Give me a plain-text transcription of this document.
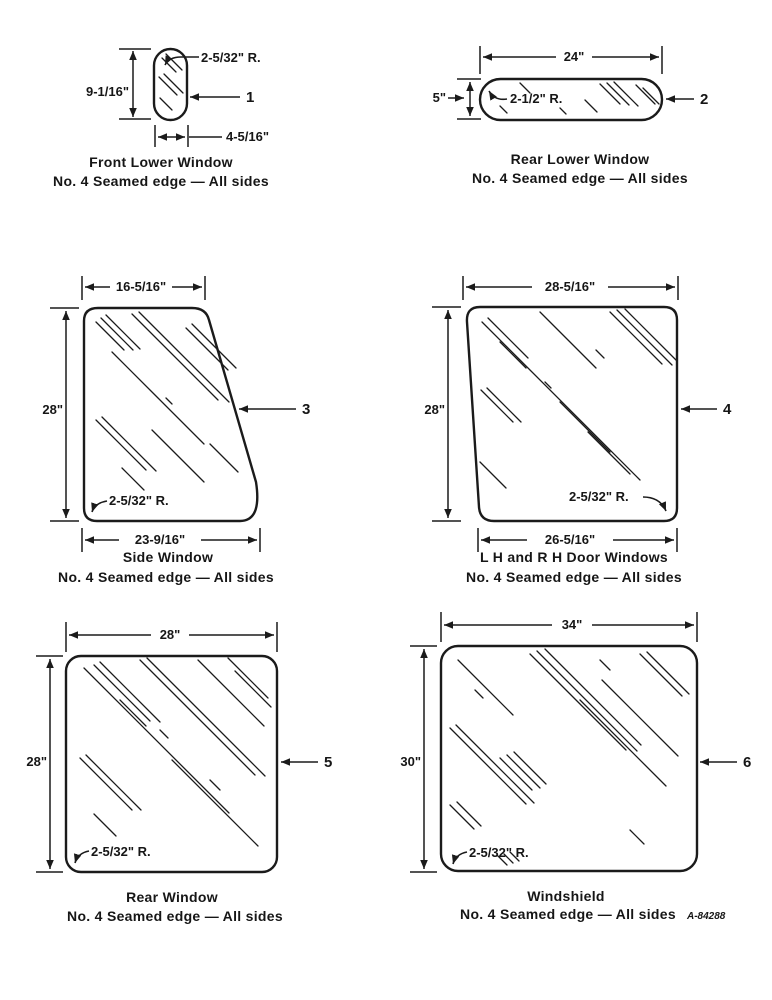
9-1/16"
4-5/16"
2-5/32" R.
1
Front Lower Window
No. 4 Seamed edge — All sides
24"
5"	2-1/2" R.	2
Rear Lower Window
No. 4 Seamed edge — All sides
16-5/16"
28"
23-9/16"
2-5/32" R.
3
Side Window
No. 4 Seamed edge — All sides
28-5/16"
28"
26-5/16"
2-5/32" R.
4
L H and R H Door Windows
No. 4 Seamed edge — All sides
28"
28"
2-5/32" R.
5
Rear Window
No. 4 Seamed edge — All sides
34"
30"
2-5/32" R.
6
Windshield
No. 4 Seamed edge — All sides A-84288
